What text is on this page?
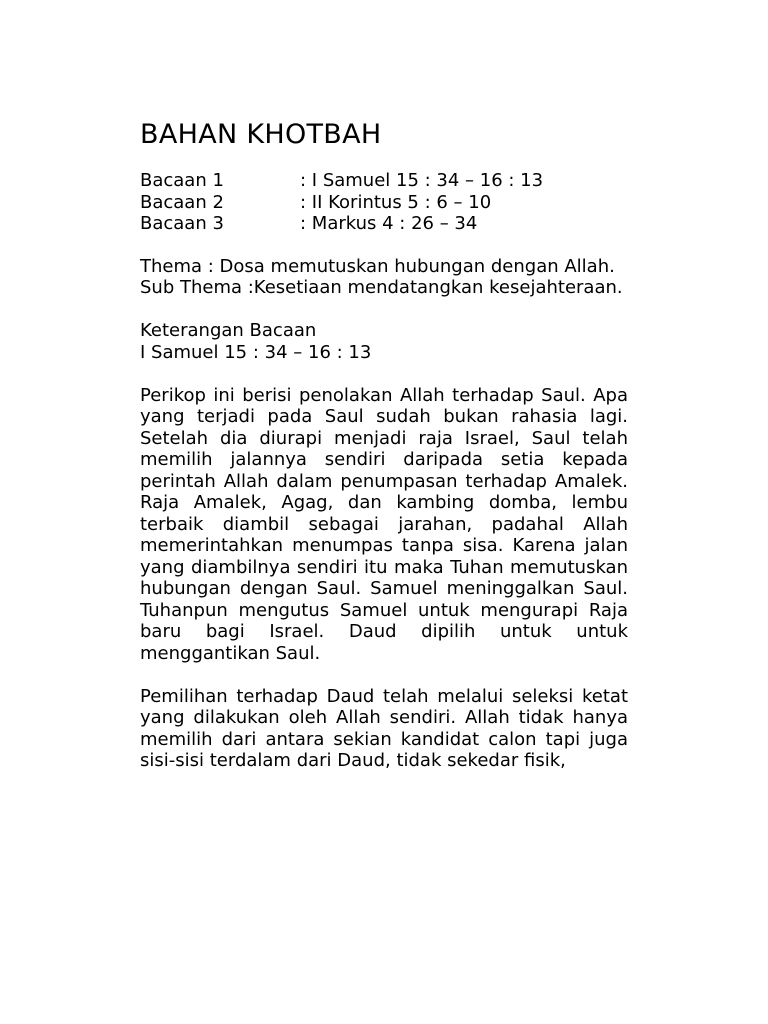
BAHAN KHOTBAH
Bacaan 1	: I Samuel 15 : 34 – 16 : 13
Bacaan 2	: II Korintus 5 : 6 – 10
Bacaan 3	: Markus 4 : 26 – 34

Thema : Dosa memutuskan hubungan dengan Allah.

Sub Thema :Kesetiaan mendatangkan kesejahteraan.

Keterangan Bacaan
I Samuel 15 : 34 – 16 : 13

Perikop ini berisi penolakan Allah terhadap Saul. Apa yang terjadi pada Saul sudah bukan rahasia lagi. Setelah dia diurapi menjadi raja Israel, Saul telah memilih jalannya sendiri daripada setia kepada perintah Allah dalam penumpasan terhadap Amalek. Raja Amalek, Agag, dan kambing domba, lembu terbaik diambil sebagai jarahan, padahal Allah memerintahkan menumpas tanpa sisa. Karena jalan yang diambilnya sendiri itu maka Tuhan memutuskan hubungan dengan Saul. Samuel meninggalkan Saul. Tuhanpun mengutus Samuel untuk mengurapi Raja baru bagi Israel. Daud dipilih untuk untuk menggantikan Saul.

Pemilihan terhadap Daud telah melalui seleksi ketat yang dilakukan oleh Allah sendiri. Allah tidak hanya memilih dari antara sekian kandidat calon tapi juga sisi-sisi terdalam dari Daud, tidak sekedar fisik,
